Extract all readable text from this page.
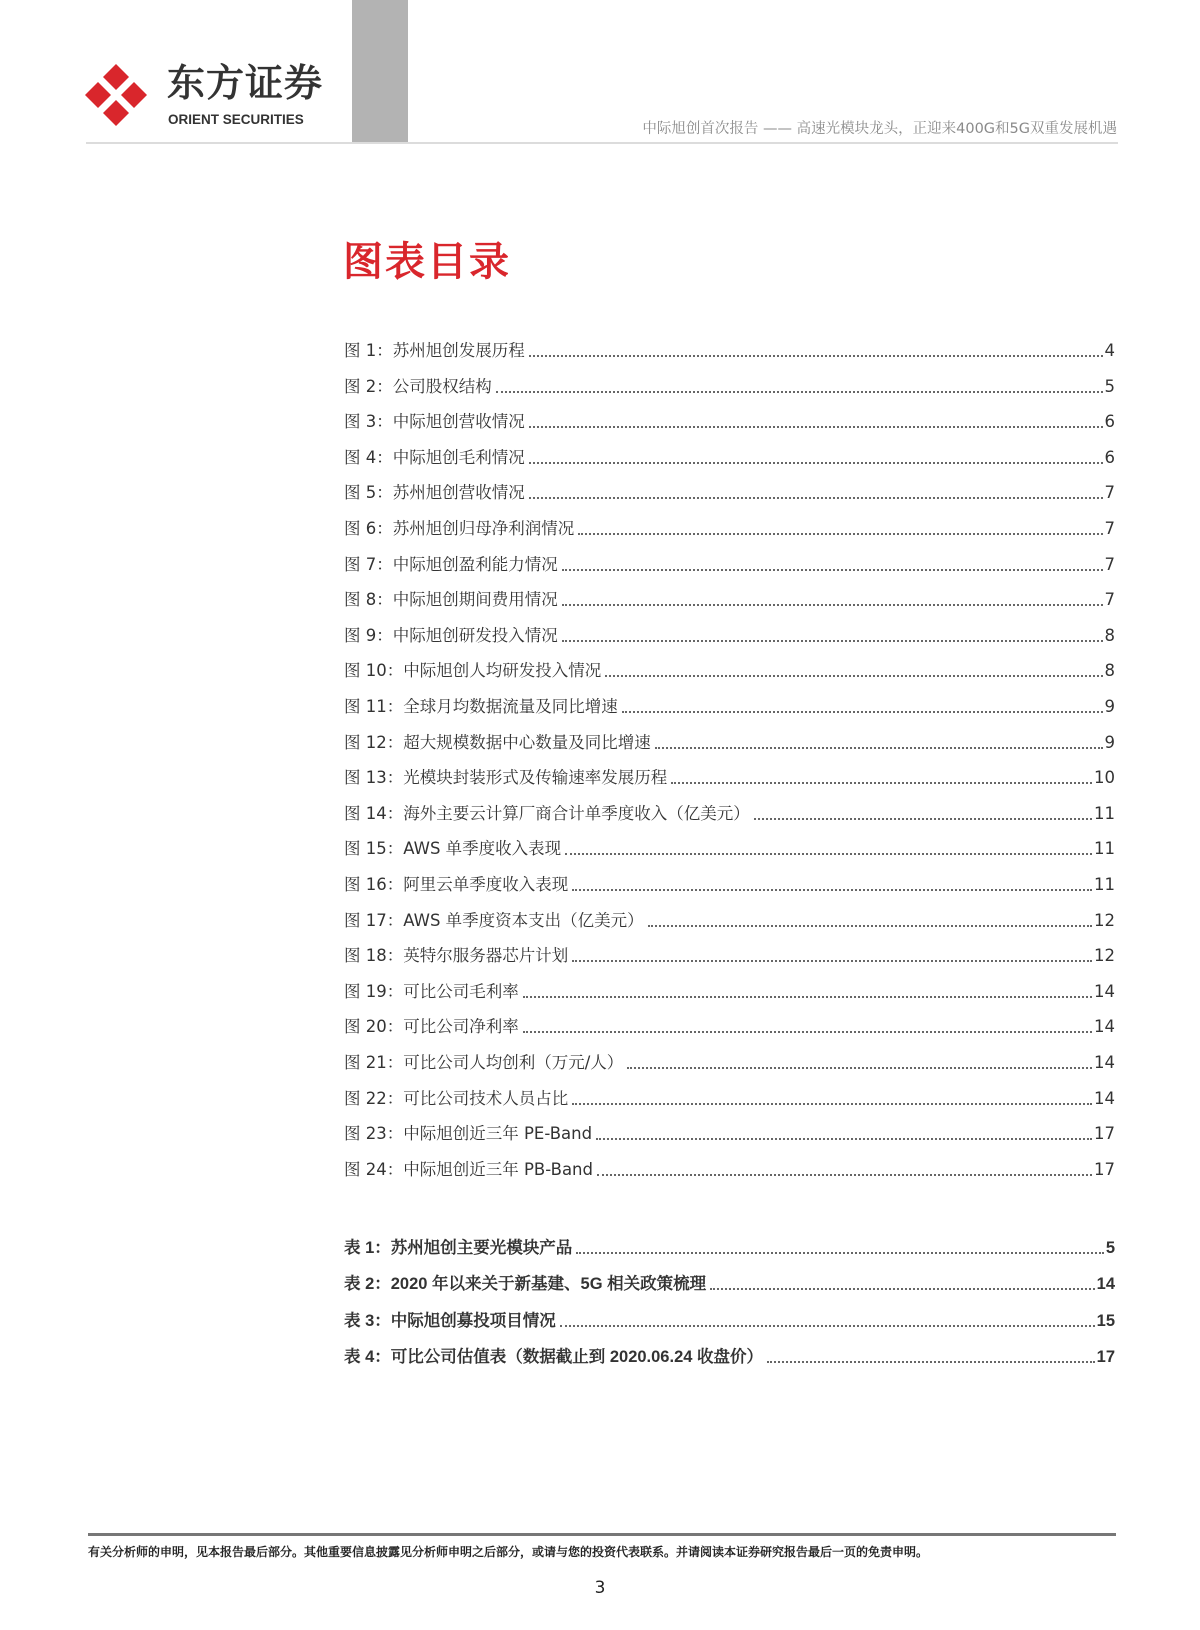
东方证券
ORIENT SECURITIES
中际旭创首次报告 —— 高速光模块龙头，正迎来400G和5G双重发展机遇
图表目录
图 1：苏州旭创发展历程	4
图 2：公司股权结构	5
图 3：中际旭创营收情况	6
图 4：中际旭创毛利情况	6
图 5：苏州旭创营收情况	7
图 6：苏州旭创归母净利润情况	7
图 7：中际旭创盈利能力情况	7
图 8：中际旭创期间费用情况	7
图 9：中际旭创研发投入情况	8
图 10：中际旭创人均研发投入情况	8
图 11：全球月均数据流量及同比增速	9
图 12：超大规模数据中心数量及同比增速	9
图 13：光模块封装形式及传输速率发展历程	10
图 14：海外主要云计算厂商合计单季度收入（亿美元）	11
图 15：AWS 单季度收入表现	11
图 16：阿里云单季度收入表现	11
图 17：AWS 单季度资本支出（亿美元）	12
图 18：英特尔服务器芯片计划	12
图 19：可比公司毛利率	14
图 20：可比公司净利率	14
图 21：可比公司人均创利（万元/人）	14
图 22：可比公司技术人员占比	14
图 23：中际旭创近三年 PE-Band	17
图 24：中际旭创近三年 PB-Band	17
表 1：苏州旭创主要光模块产品	5
表 2：2020 年以来关于新基建、5G 相关政策梳理	14
表 3：中际旭创募投项目情况	15
表 4：可比公司估值表（数据截止到 2020.06.24 收盘价）	17
有关分析师的申明，见本报告最后部分。其他重要信息披露见分析师申明之后部分，或请与您的投资代表联系。并请阅读本证券研究报告最后一页的免责申明。
3
